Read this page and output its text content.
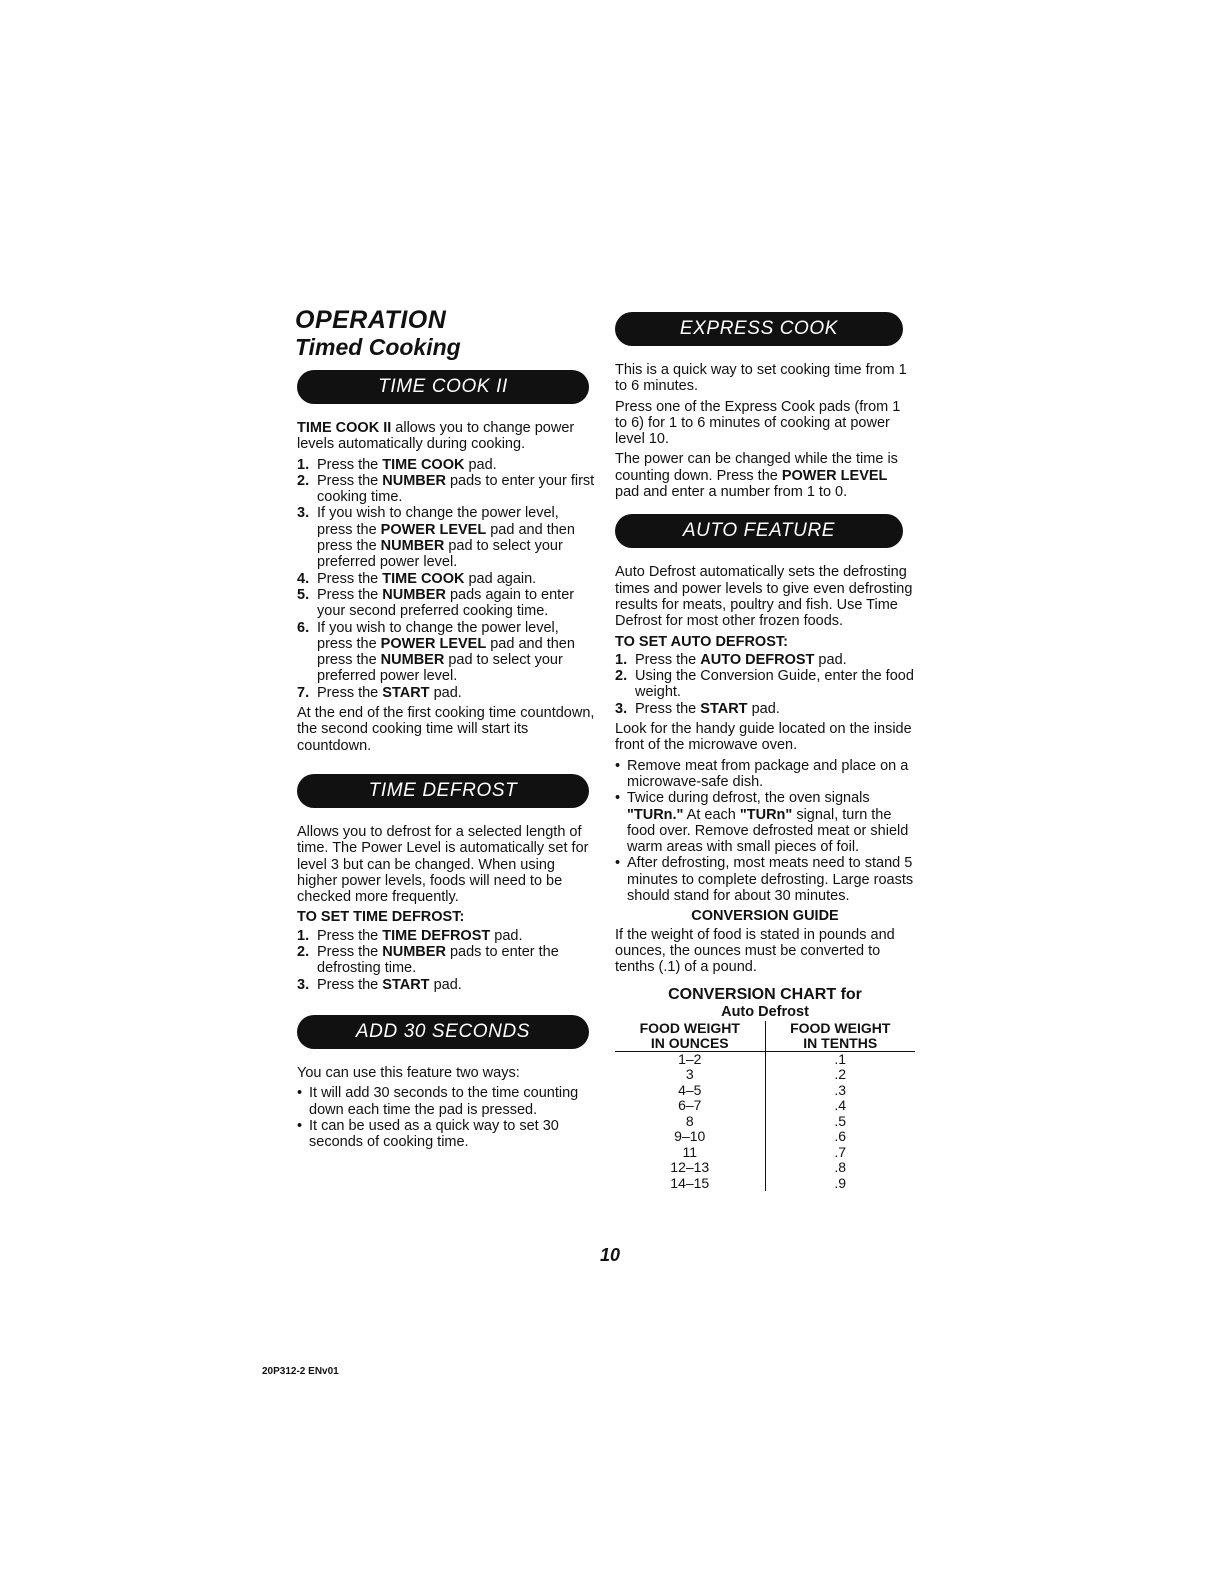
OPERATION
Timed Cooking
TIME COOK II

TIME COOK II allows you to change power levels automatically during cooking.

1. Press the TIME COOK pad.
2. Press the NUMBER pads to enter your first cooking time.
3. If you wish to change the power level, press the POWER LEVEL pad and then press the NUMBER pad to select your preferred power level.
4. Press the TIME COOK pad again.
5. Press the NUMBER pads again to enter your second preferred cooking time.
6. If you wish to change the power level, press the POWER LEVEL pad and then press the NUMBER pad to select your preferred power level.
7. Press the START pad.

At the end of the first cooking time countdown, the second cooking time will start its countdown.

TIME DEFROST

Allows you to defrost for a selected length of time. The Power Level is automatically set for level 3 but can be changed. When using higher power levels, foods will need to be checked more frequently.

TO SET TIME DEFROST:
1. Press the TIME DEFROST pad.
2. Press the NUMBER pads to enter the defrosting time.
3. Press the START pad.
ADD 30 SECONDS

You can use this feature two ways:

• It will add 30 seconds to the time counting down each time the pad is pressed.
• It can be used as a quick way to set 30 seconds of cooking time.
EXPRESS COOK

This is a quick way to set cooking time from 1 to 6 minutes.

Press one of the Express Cook pads (from 1 to 6) for 1 to 6 minutes of cooking at power level 10.

The power can be changed while the time is counting down. Press the POWER LEVEL pad and enter a number from 1 to 0.

AUTO FEATURE

Auto Defrost automatically sets the defrosting times and power levels to give even defrosting results for meats, poultry and fish. Use Time Defrost for most other frozen foods.

TO SET AUTO DEFROST:
1. Press the AUTO DEFROST pad.
2. Using the Conversion Guide, enter the food weight.
3. Press the START pad.

Look for the handy guide located on the inside front of the microwave oven.

• Remove meat from package and place on a microwave-safe dish.
• Twice during defrost, the oven signals "TURn." At each "TURn" signal, turn the food over. Remove defrosted meat or shield warm areas with small pieces of foil.
• After defrosting, most meats need to stand 5 minutes to complete defrosting. Large roasts should stand for about 30 minutes.
CONVERSION GUIDE

If the weight of food is stated in pounds and ounces, the ounces must be converted to tenths (.1) of a pound.

CONVERSION CHART for
Auto Defrost
FOOD WEIGHT	FOOD WEIGHT
IN OUNCES	IN TENTHS
1–2	.1
3	.2
4–5	.3
6–7	.4
8	.5
9–10	.6
11	.7
12–13	.8
14–15	.9
10
20P312-2 ENv01
